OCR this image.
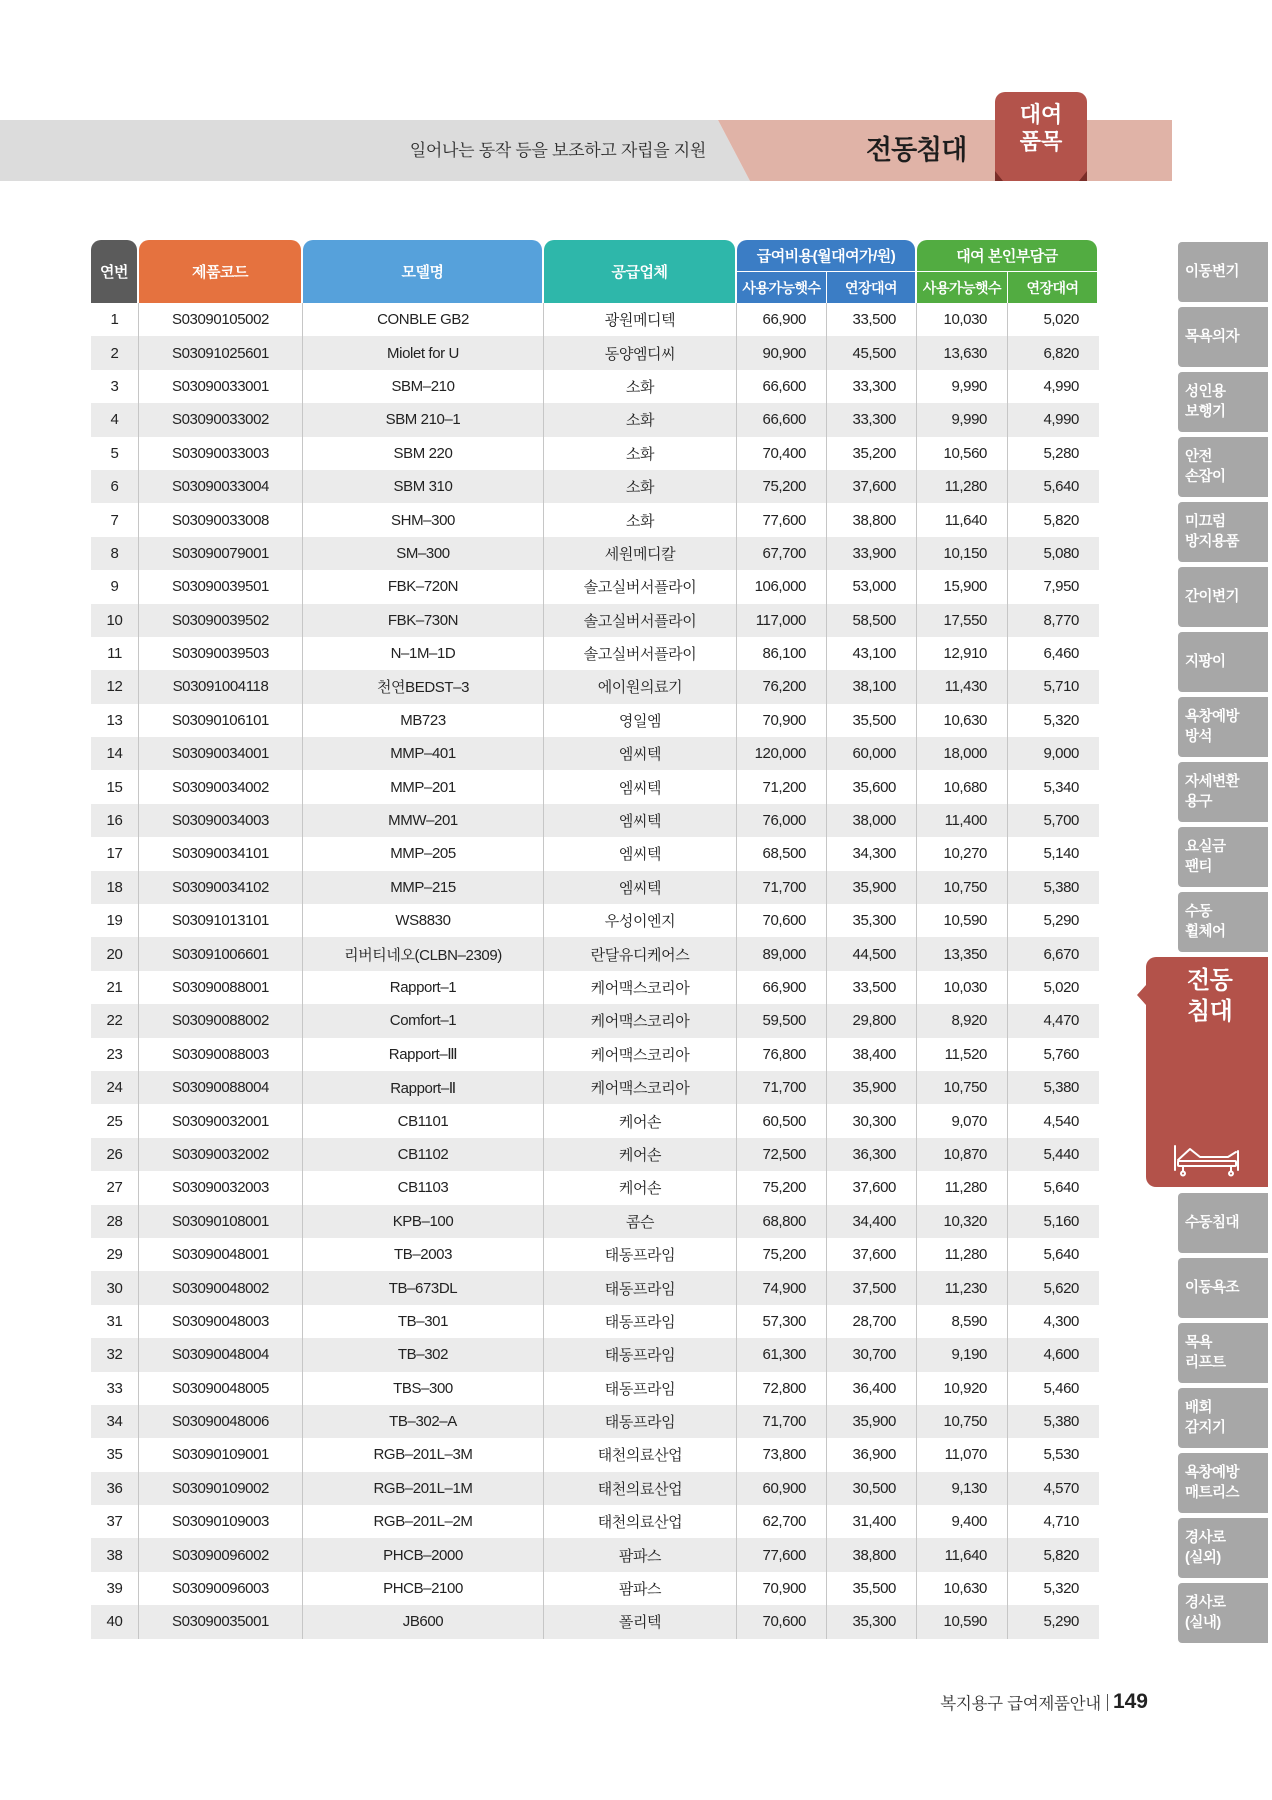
일어나는 동작 등을 보조하고 자립을 지원	전동침대
대여
품목
연번	제품코드	모델명	공급업체
급여비용(월대여가/원)
사용가능햇수	연장대여
대여 본인부담금
사용가능햇수	연장대여
1	S03090105002	CONBLE GB2	광원메디텍	66,900	33,500	10,030	5,020
2	S03091025601	Miolet for U	동양엠디씨	90,900	45,500	13,630	6,820
3	S03090033001	SBM–210	소화	66,600	33,300	9,990	4,990
4	S03090033002	SBM 210–1	소화	66,600	33,300	9,990	4,990
5	S03090033003	SBM 220	소화	70,400	35,200	10,560	5,280
6	S03090033004	SBM 310	소화	75,200	37,600	11,280	5,640
7	S03090033008	SHM–300	소화	77,600	38,800	11,640	5,820
8	S03090079001	SM–300	세원메디칼	67,700	33,900	10,150	5,080
9	S03090039501	FBK–720N	솔고실버서플라이	106,000	53,000	15,900	7,950
10	S03090039502	FBK–730N	솔고실버서플라이	117,000	58,500	17,550	8,770
11	S03090039503	N–1M–1D	솔고실버서플라이	86,100	43,100	12,910	6,460
12	S03091004118	천연BEDST–3	에이원의료기	76,200	38,100	11,430	5,710
13	S03090106101	MB723	영일엠	70,900	35,500	10,630	5,320
14	S03090034001	MMP–401	엠씨텍	120,000	60,000	18,000	9,000
15	S03090034002	MMP–201	엠씨텍	71,200	35,600	10,680	5,340
16	S03090034003	MMW–201	엠씨텍	76,000	38,000	11,400	5,700
17	S03090034101	MMP–205	엠씨텍	68,500	34,300	10,270	5,140
18	S03090034102	MMP–215	엠씨텍	71,700	35,900	10,750	5,380
19	S03091013101	WS8830	우성이엔지	70,600	35,300	10,590	5,290
20	S03091006601	리버티네오(CLBN–2309)	란달유디케어스	89,000	44,500	13,350	6,670
21	S03090088001	Rapport–1	케어맥스코리아	66,900	33,500	10,030	5,020
22	S03090088002	Comfort–1	케어맥스코리아	59,500	29,800	8,920	4,470
23	S03090088003	Rapport–Ⅲ	케어맥스코리아	76,800	38,400	11,520	5,760
24	S03090088004	Rapport–Ⅱ	케어맥스코리아	71,700	35,900	10,750	5,380
25	S03090032001	CB1101	케어손	60,500	30,300	9,070	4,540
26	S03090032002	CB1102	케어손	72,500	36,300	10,870	5,440
27	S03090032003	CB1103	케어손	75,200	37,600	11,280	5,640
28	S03090108001	KPB–100	콤슨	68,800	34,400	10,320	5,160
29	S03090048001	TB–2003	태동프라임	75,200	37,600	11,280	5,640
30	S03090048002	TB–673DL	태동프라임	74,900	37,500	11,230	5,620
31	S03090048003	TB–301	태동프라임	57,300	28,700	8,590	4,300
32	S03090048004	TB–302	태동프라임	61,300	30,700	9,190	4,600
33	S03090048005	TBS–300	태동프라임	72,800	36,400	10,920	5,460
34	S03090048006	TB–302–A	태동프라임	71,700	35,900	10,750	5,380
35	S03090109001	RGB–201L–3M	태천의료산업	73,800	36,900	11,070	5,530
36	S03090109002	RGB–201L–1M	태천의료산업	60,900	30,500	9,130	4,570
37	S03090109003	RGB–201L–2M	태천의료산업	62,700	31,400	9,400	4,710
38	S03090096002	PHCB–2000	팜파스	77,600	38,800	11,640	5,820
39	S03090096003	PHCB–2100	팜파스	70,900	35,500	10,630	5,320
40	S03090035001	JB600	폴리텍	70,600	35,300	10,590	5,290
이동변기
목욕의자
성인용
보행기
안전
손잡이
미끄럼
방지용품
간이변기
지팡이
욕창예방
방석
자세변환
용구
요실금
팬티
수동
휠체어
전동
침대
수동침대
이동욕조
목욕
리프트
배회
감지기
욕창예방
매트리스
경사로
(실외)
경사로
(실내)
복지용구 급여제품안내 149
